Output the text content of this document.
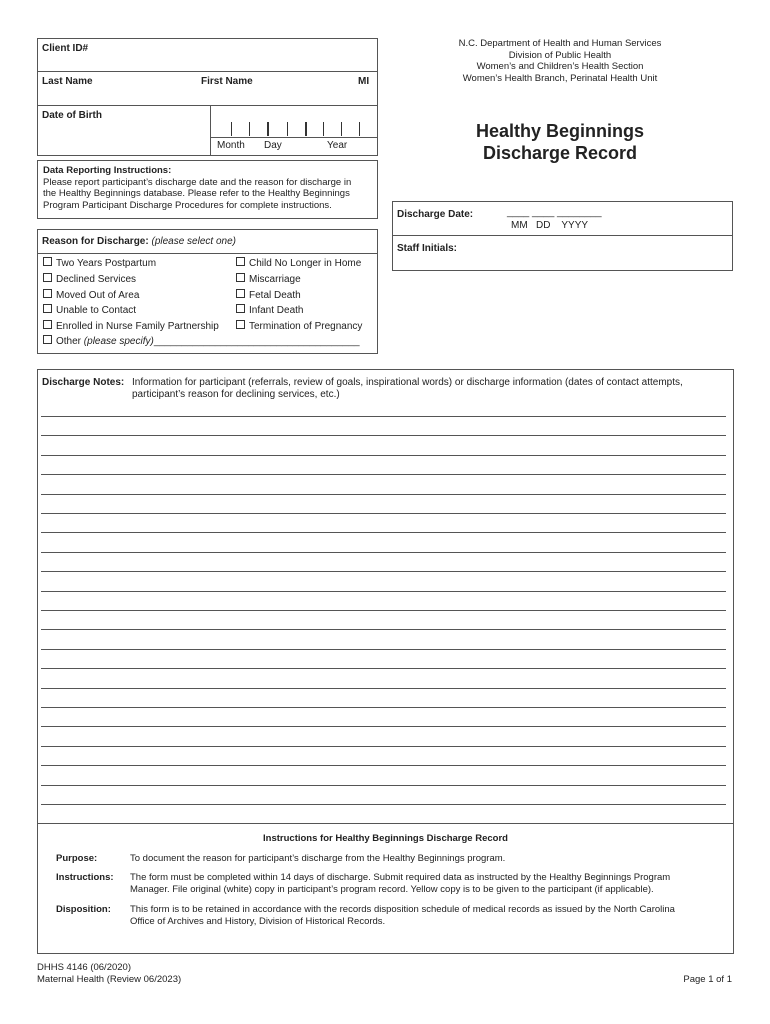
Client ID#
Last Name	First Name	MI
Date of Birth
Month Day	Year
N.C. Department of Health and Human Services
Division of Public Health
Women’s and Children’s Health Section
Women’s Health Branch, Perinatal Health Unit
Healthy Beginnings
Discharge Record
Data Reporting Instructions:
Please report participant’s discharge date and the reason for discharge in
the Healthy Beginnings database. Please refer to the Healthy Beginnings
Program Participant Discharge Procedures for complete instructions.
Discharge Date:	____ ____ ________
MM   DD    YYYY
Staff Initials:
Reason for Discharge: (please select one)
Two Years Postpartum
Declined Services
Moved Out of Area
Unable to Contact
Enrolled in Nurse Family Partnership
Child No Longer in Home
Miscarriage
Fetal Death
Infant Death
Termination of Pregnancy
Other (please specify)_____________________________________
Discharge Notes: Information for participant (referrals, review of goals, inspirational words) or discharge information (dates of contact attempts,
participant’s reason for declining services, etc.)
Instructions for Healthy Beginnings Discharge Record
Purpose:	To document the reason for participant’s discharge from the Healthy Beginnings program.
Instructions: The form must be completed within 14 days of discharge. Submit required data as instructed by the Healthy Beginnings Program
Manager. File original (white) copy in participant’s program record. Yellow copy is to be given to the participant (if applicable).
Disposition: This form is to be retained in accordance with the records disposition schedule of medical records as issued by the North Carolina
Office of Archives and History, Division of Historical Records.
DHHS 4146 (06/2020)
Maternal Health (Review 06/2023)	Page 1 of 1
